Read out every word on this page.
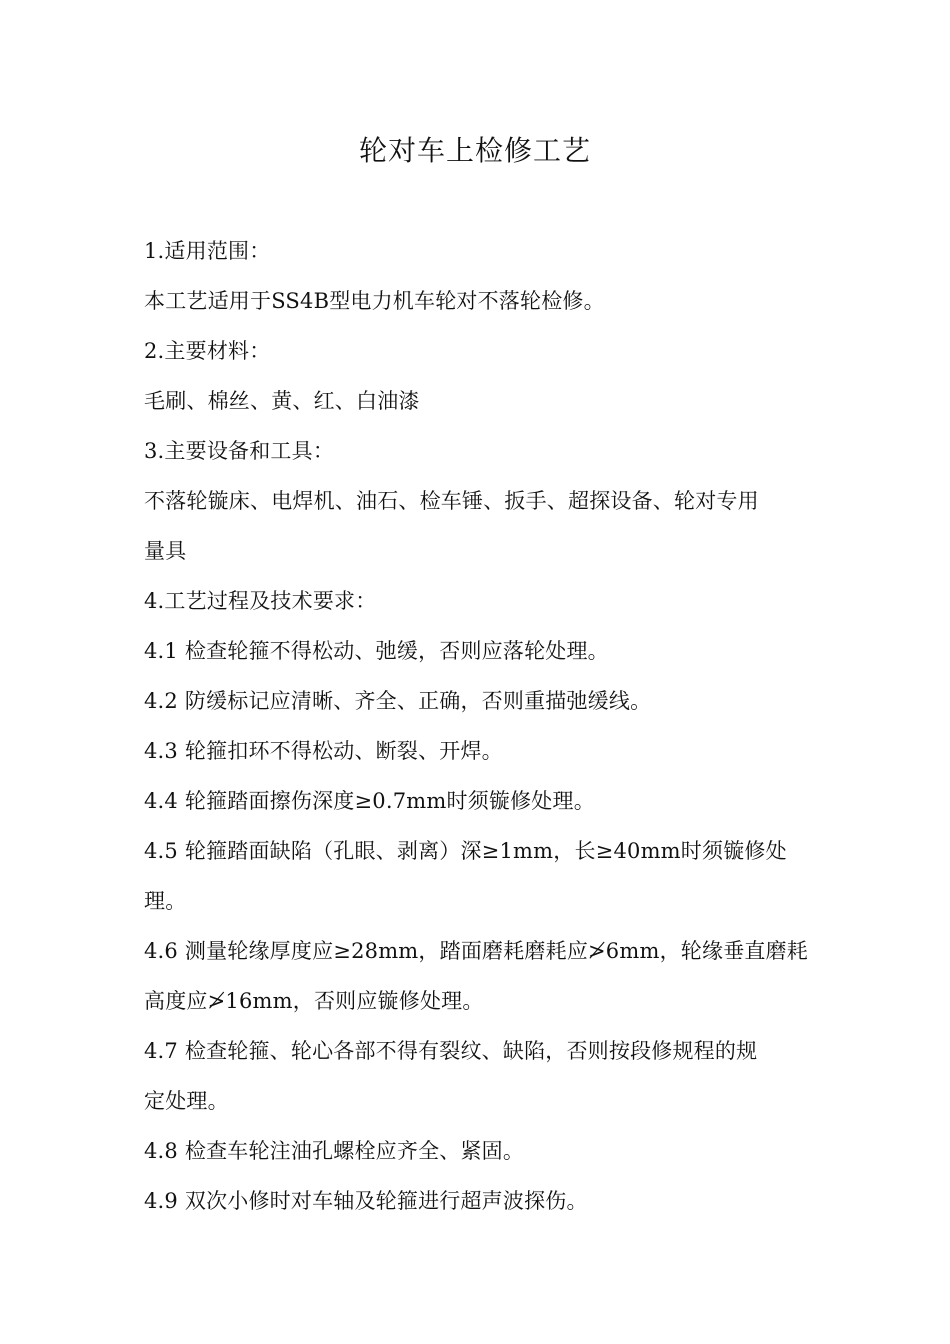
轮对车上检修工艺
1.适用范围：
本工艺适用于SS4B型电力机车轮对不落轮检修。
2.主要材料：
毛刷、棉丝、黄、红、白油漆
3.主要设备和工具：
不落轮镟床、电焊机、油石、检车锤、扳手、超探设备、轮对专用
量具
4.工艺过程及技术要求：
4.1 检查轮箍不得松动、弛缓，否则应落轮处理。
4.2 防缓标记应清晰、齐全、正确，否则重描弛缓线。
4.3 轮箍扣环不得松动、断裂、开焊。
4.4 轮箍踏面擦伤深度≥0.7mm时须镟修处理。
4.5 轮箍踏面缺陷（孔眼、剥离）深≥1mm，长≥40mm时须镟修处
理。
4.6 测量轮缘厚度应≥28mm，踏面磨耗磨耗应≯6mm，轮缘垂直磨耗
高度应≯16mm，否则应镟修处理。
4.7 检查轮箍、轮心各部不得有裂纹、缺陷，否则按段修规程的规
定处理。
4.8 检查车轮注油孔螺栓应齐全、紧固。
4.9 双次小修时对车轴及轮箍进行超声波探伤。
